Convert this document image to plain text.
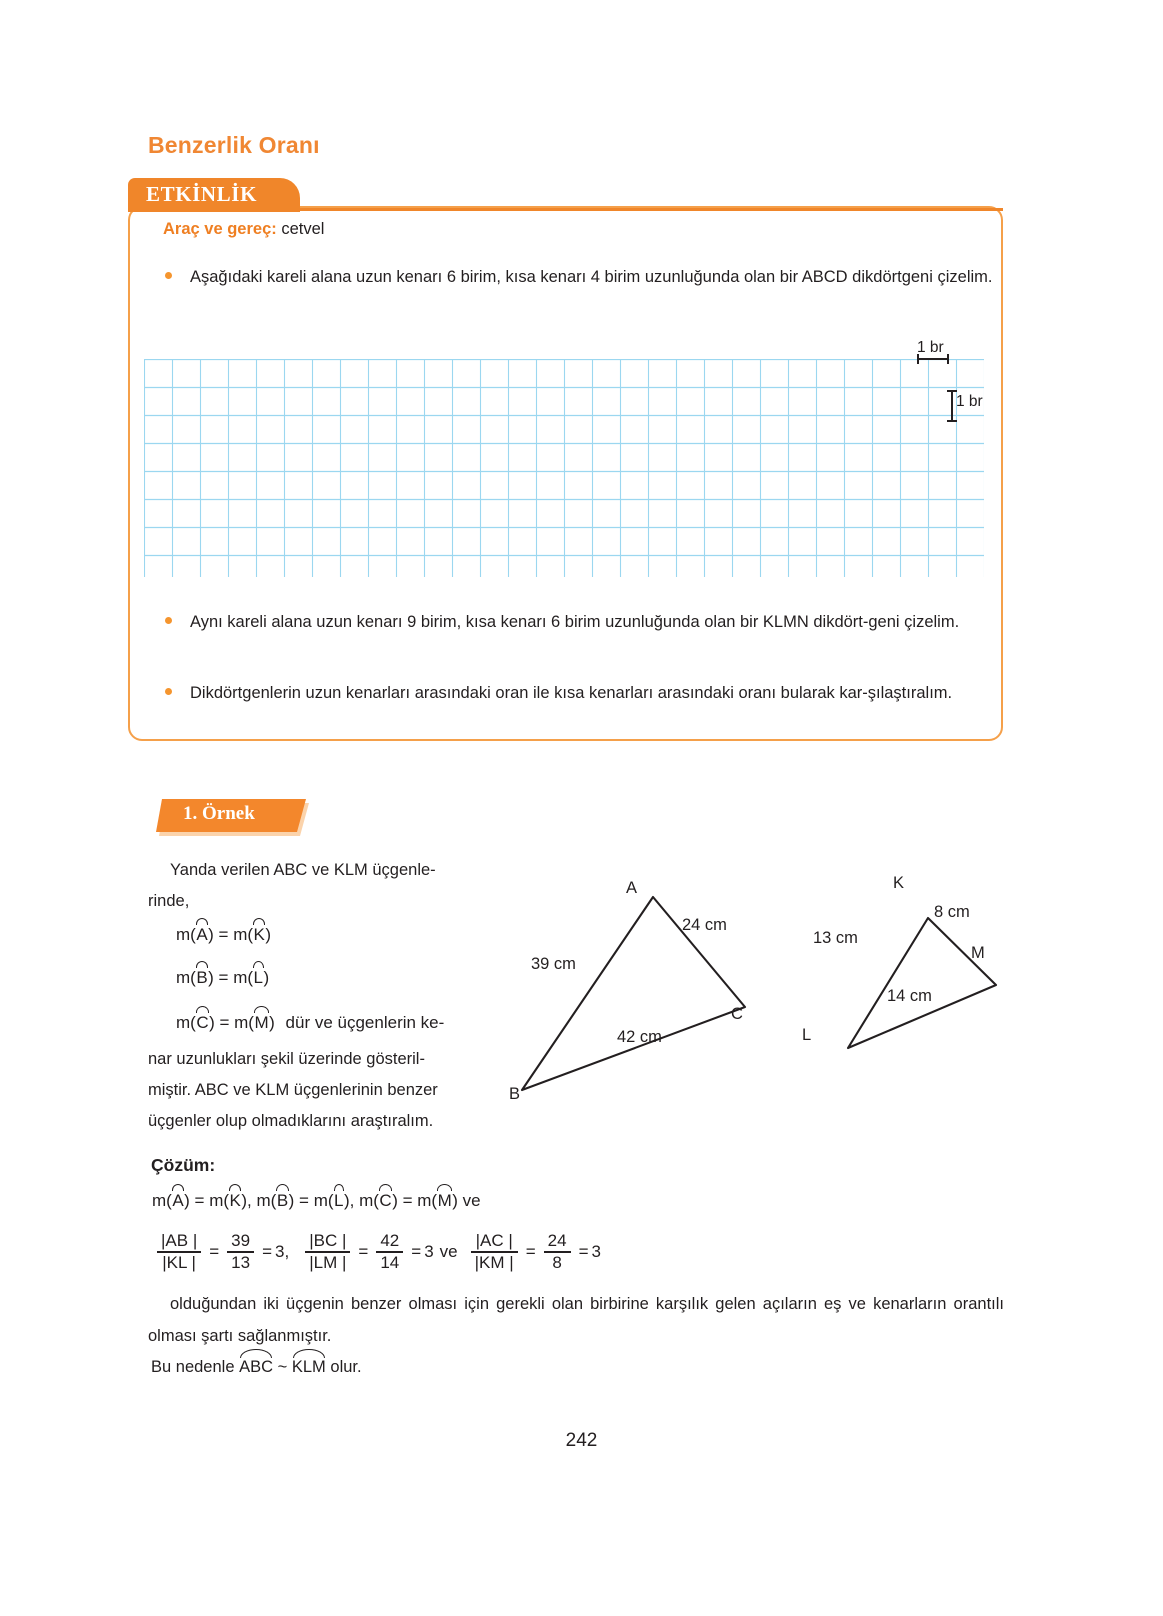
Benzerlik Oranı
ETKİNLİK
Araç ve gereç: cetvel
Aşağıdaki kareli alana uzun kenarı 6 birim, kısa kenarı 4 birim uzunluğunda olan bir ABCD dikdörtgeni çizelim.
1 br
1 br
Aynı kareli alana uzun kenarı 9 birim, kısa kenarı 6 birim uzunluğunda olan bir KLMN dikdört-geni çizelim.
Dikdörtgenlerin uzun kenarları arasındaki oran ile kısa kenarları arasındaki oranı bularak kar-şılaştıralım.
1. Örnek
Yanda verilen ABC ve KLM üçgenle-
rinde,
m(A) = m(K)
m(B) = m(L)
m(C) = m(M) dür ve üçgenlerin ke-
nar uzunlukları şekil üzerinde gösteril-
miştir. ABC ve KLM üçgenlerinin benzer
üçgenler olup olmadıklarını araştıralım.
A
C
B
24 cm
39 cm
42 cm
K
M
L
8 cm
13 cm
14 cm
Çözüm:
m(A) = m(K), m(B) = m(L), m(C) = m(M) ve
$\frac{|AB |}{|KL |} = \frac{39}{13} = 3$ , $\frac{|BC |}{|LM |} = \frac{42}{14} = 3$ ve $\frac{|AC |}{|KM |} = \frac{24}{8} = 3$
olduğundan iki üçgenin benzer olması için gerekli olan birbirine karşılık gelen açıların eş ve kenarların orantılı olması şartı sağlanmıştır.
Bu nedenle ABC ~ KLM olur.
242
